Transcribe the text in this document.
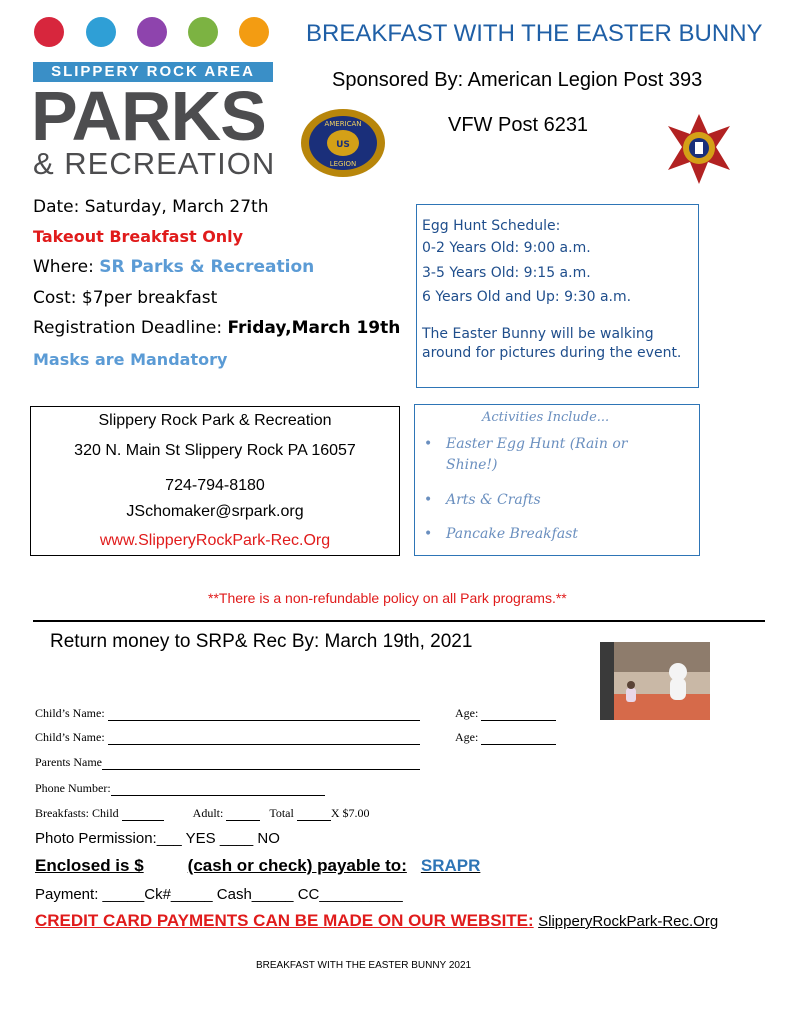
SLIPPERY ROCK AREA
PARKS
& RECREATION
BREAKFAST WITH THE EASTER BUNNY
Sponsored By: American Legion Post 393
VFW Post 6231
AMERICAN
US
LEGION
Date: Saturday, March 27th
Takeout Breakfast Only
Where: SR Parks & Recreation
Cost: $7per breakfast
Registration Deadline: Friday,March 19th
Masks are Mandatory
Egg Hunt Schedule:
0-2 Years Old: 9:00 a.m.
3-5 Years Old: 9:15 a.m.
6 Years Old and Up: 9:30 a.m.
The Easter Bunny will be walking
around for pictures during the event.
Slippery Rock Park & Recreation
320 N. Main St Slippery Rock PA 16057
724-794-8180
JSchomaker@srpark.org
www.SlipperyRockPark-Rec.Org
Activities Include...
• Easter Egg Hunt (Rain or
Shine!)
• Arts & Crafts
• Pancake Breakfast
**There is a non-refundable policy on all Park programs.**
Return money to SRP& Rec By: March 19th, 2021
Child’s Name:	Age:
Child’s Name:	Age:
Parents Name
Phone Number:
Breakfasts: Child	Adult:	Total	X $7.00
Photo Permission:___ YES ____ NO
Enclosed is $	(cash or check) payable to: SRAPR
Payment: _____Ck#_____ Cash_____ CC__________
CREDIT CARD PAYMENTS CAN BE MADE ON OUR WEBSITE: SlipperyRockPark-Rec.Org
BREAKFAST WITH THE EASTER BUNNY 2021
